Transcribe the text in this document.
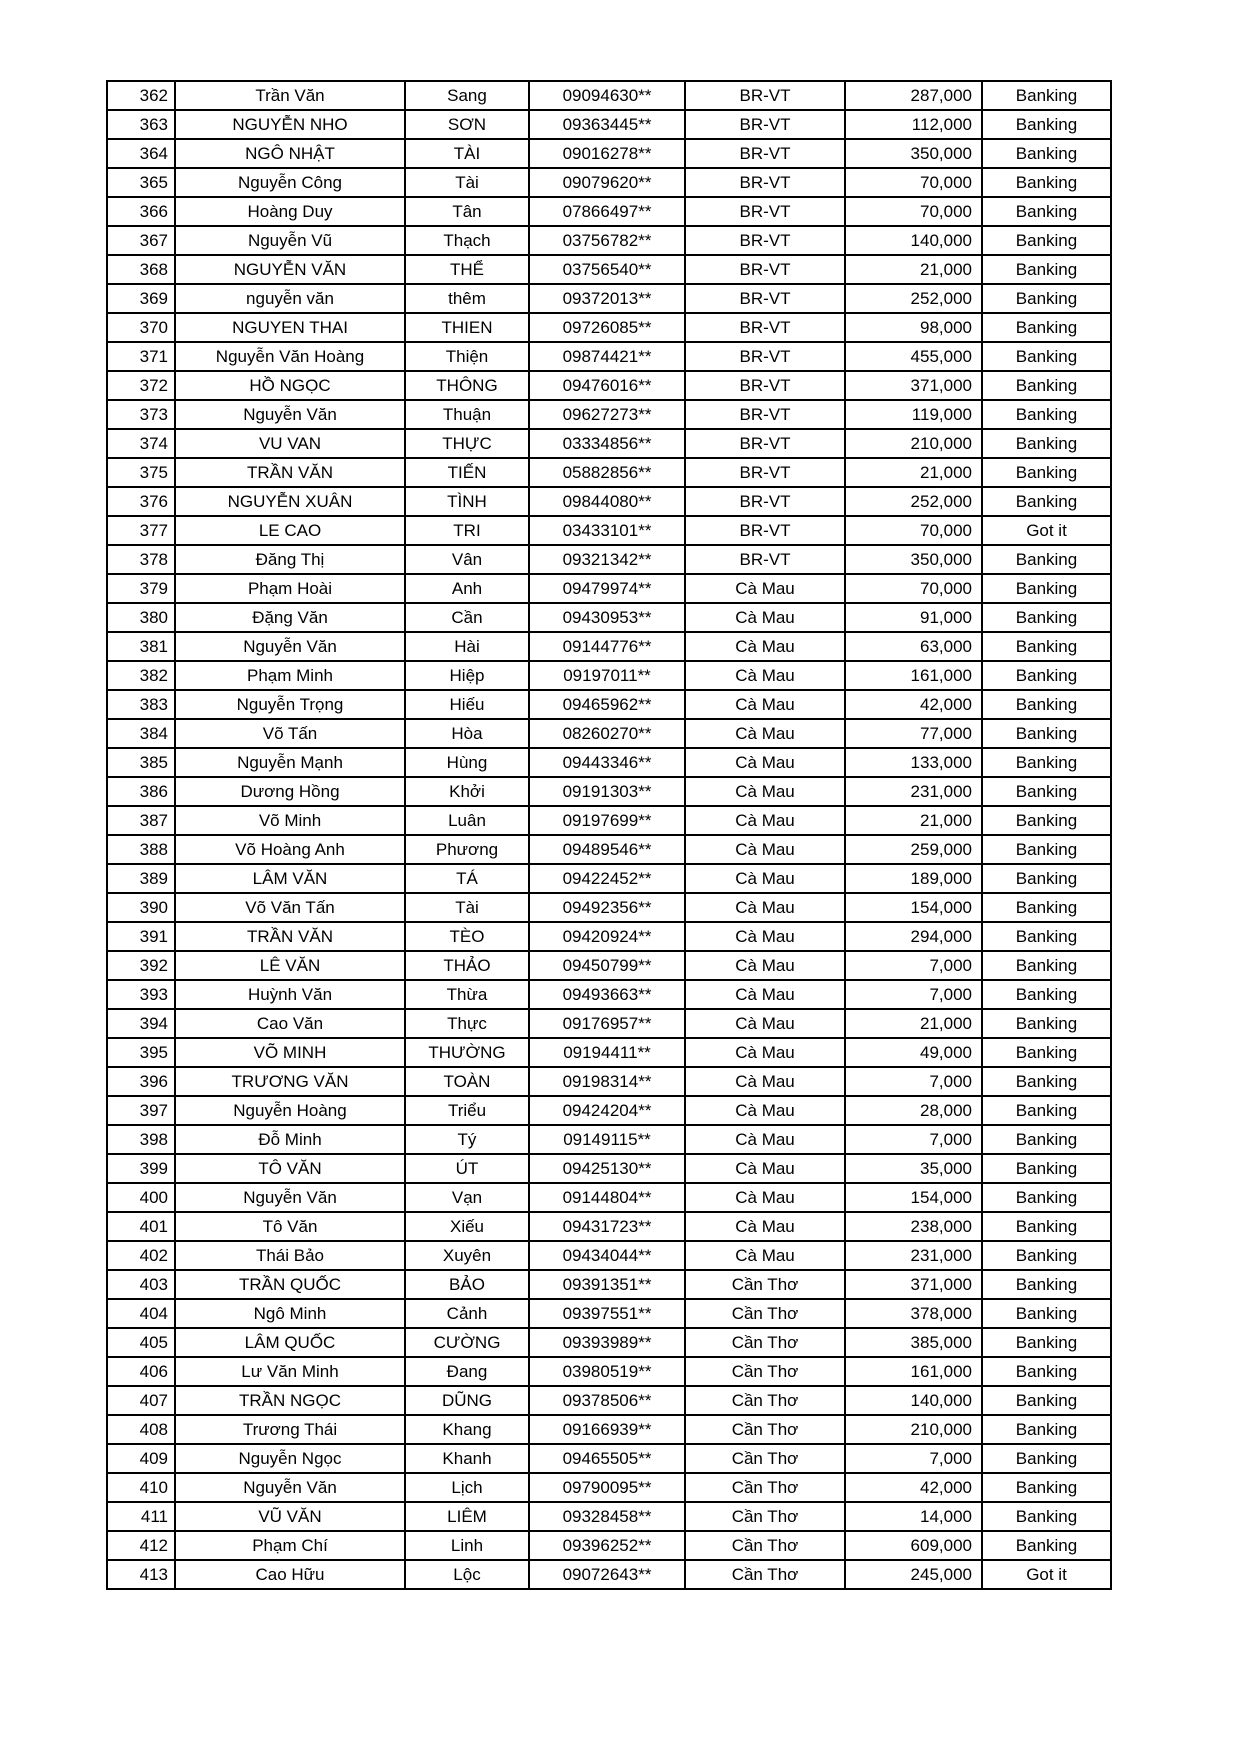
362	Trần Văn	Sang	09094630**	BR-VT	287,000	Banking
363	NGUYỄN NHO	SƠN	09363445**	BR-VT	112,000	Banking
364	NGÔ NHẬT	TÀI	09016278**	BR-VT	350,000	Banking
365	Nguyễn Công	Tài	09079620**	BR-VT	70,000	Banking
366	Hoàng Duy	Tân	07866497**	BR-VT	70,000	Banking
367	Nguyễn Vũ	Thạch	03756782**	BR-VT	140,000	Banking
368	NGUYỄN VĂN	THỂ	03756540**	BR-VT	21,000	Banking
369	nguyễn văn	thêm	09372013**	BR-VT	252,000	Banking
370	NGUYEN THAI	THIEN	09726085**	BR-VT	98,000	Banking
371	Nguyễn Văn Hoàng	Thiện	09874421**	BR-VT	455,000	Banking
372	HỒ NGỌC	THÔNG	09476016**	BR-VT	371,000	Banking
373	Nguyễn Văn	Thuận	09627273**	BR-VT	119,000	Banking
374	VU VAN	THỰC	03334856**	BR-VT	210,000	Banking
375	TRẦN VĂN	TIẾN	05882856**	BR-VT	21,000	Banking
376	NGUYỄN XUÂN	TÌNH	09844080**	BR-VT	252,000	Banking
377	LE CAO	TRI	03433101**	BR-VT	70,000	Got it
378	Đăng Thị	Vân	09321342**	BR-VT	350,000	Banking
379	Phạm Hoài	Anh	09479974**	Cà Mau	70,000	Banking
380	Đặng Văn	Cần	09430953**	Cà Mau	91,000	Banking
381	Nguyễn Văn	Hài	09144776**	Cà Mau	63,000	Banking
382	Phạm Minh	Hiệp	09197011**	Cà Mau	161,000	Banking
383	Nguyễn Trọng	Hiếu	09465962**	Cà Mau	42,000	Banking
384	Võ Tấn	Hòa	08260270**	Cà Mau	77,000	Banking
385	Nguyễn Mạnh	Hùng	09443346**	Cà Mau	133,000	Banking
386	Dương Hồng	Khởi	09191303**	Cà Mau	231,000	Banking
387	Võ Minh	Luân	09197699**	Cà Mau	21,000	Banking
388	Võ Hoàng Anh	Phương	09489546**	Cà Mau	259,000	Banking
389	LÂM VĂN	TÁ	09422452**	Cà Mau	189,000	Banking
390	Võ Văn Tấn	Tài	09492356**	Cà Mau	154,000	Banking
391	TRẦN VĂN	TÈO	09420924**	Cà Mau	294,000	Banking
392	LÊ VĂN	THẢO	09450799**	Cà Mau	7,000	Banking
393	Huỳnh Văn	Thừa	09493663**	Cà Mau	7,000	Banking
394	Cao Văn	Thực	09176957**	Cà Mau	21,000	Banking
395	VÕ MINH	THƯỜNG	09194411**	Cà Mau	49,000	Banking
396	TRƯƠNG VĂN	TOÀN	09198314**	Cà Mau	7,000	Banking
397	Nguyễn Hoàng	Triểu	09424204**	Cà Mau	28,000	Banking
398	Đỗ Minh	Tý	09149115**	Cà Mau	7,000	Banking
399	TÔ VĂN	ÚT	09425130**	Cà Mau	35,000	Banking
400	Nguyễn Văn	Vạn	09144804**	Cà Mau	154,000	Banking
401	Tô Văn	Xiếu	09431723**	Cà Mau	238,000	Banking
402	Thái Bảo	Xuyên	09434044**	Cà Mau	231,000	Banking
403	TRẦN QUỐC	BẢO	09391351**	Cần Thơ	371,000	Banking
404	Ngô Minh	Cảnh	09397551**	Cần Thơ	378,000	Banking
405	LÂM QUỐC	CƯỜNG	09393989**	Cần Thơ	385,000	Banking
406	Lư Văn Minh	Đang	03980519**	Cần Thơ	161,000	Banking
407	TRẦN NGỌC	DŨNG	09378506**	Cần Thơ	140,000	Banking
408	Trương Thái	Khang	09166939**	Cần Thơ	210,000	Banking
409	Nguyễn Ngọc	Khanh	09465505**	Cần Thơ	7,000	Banking
410	Nguyễn Văn	Lịch	09790095**	Cần Thơ	42,000	Banking
411	VŨ VĂN	LIÊM	09328458**	Cần Thơ	14,000	Banking
412	Phạm Chí	Linh	09396252**	Cần Thơ	609,000	Banking
413	Cao Hữu	Lộc	09072643**	Cần Thơ	245,000	Got it
